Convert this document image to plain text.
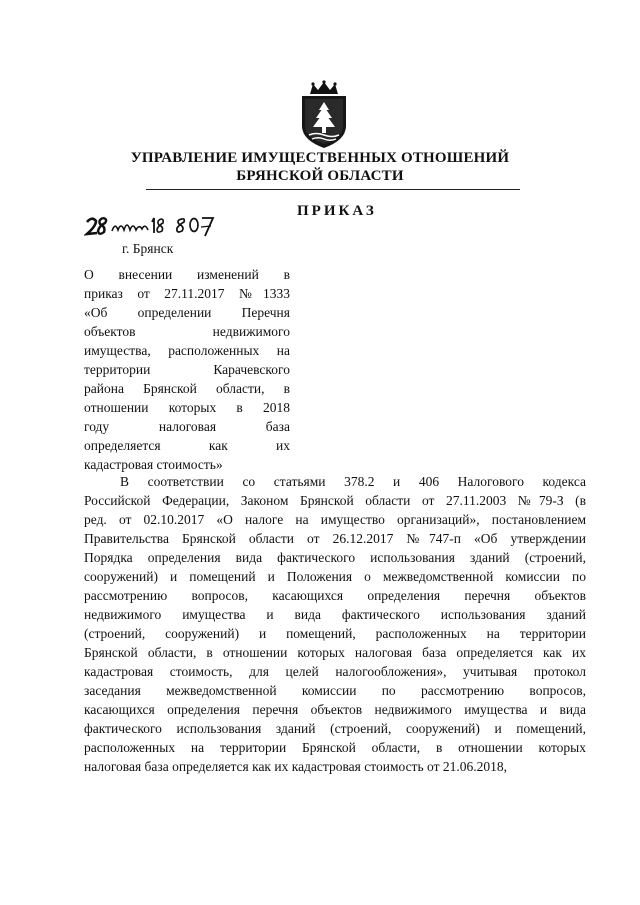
УПРАВЛЕНИЕ ИМУЩЕСТВЕННЫХ ОТНОШЕНИЙ
БРЯНСКОЙ ОБЛАСТИ
ПРИКАЗ
г. Брянск
О внесении изменений в
приказ от 27.11.2017 №1333
«Об определении Перечня
объектов недвижимого
имущества, расположенных на
территории Карачевского
района Брянской области, в
отношении которых в 2018
году налоговая база
определяется как их
кадастровая стоимость»
В соответствии со статьями 378.2 и 406 Налогового кодекса
Российской Федерации, Законом Брянской области от 27.11.2003 №79-З (в
ред. от 02.10.2017 «О налоге на имущество организаций», постановлением
Правительства Брянской области от 26.12.2017 №747-п «Об утверждении
Порядка определения вида фактического использования зданий (строений,
сооружений) и помещений и Положения о межведомственной комиссии по
рассмотрению вопросов, касающихся определения перечня объектов
недвижимого имущества и вида фактического использования зданий
(строений, сооружений) и помещений, расположенных на территории
Брянской области, в отношении которых налоговая база определяется как их
кадастровая стоимость, для целей налогообложения», учитывая протокол
заседания межведомственной комиссии по рассмотрению вопросов,
касающихся определения перечня объектов недвижимого имущества и вида
фактического использования зданий (строений, сооружений) и помещений,
расположенных на территории Брянской области, в отношении которых
налоговая база определяется как их кадастровая стоимость от 21.06.2018,
